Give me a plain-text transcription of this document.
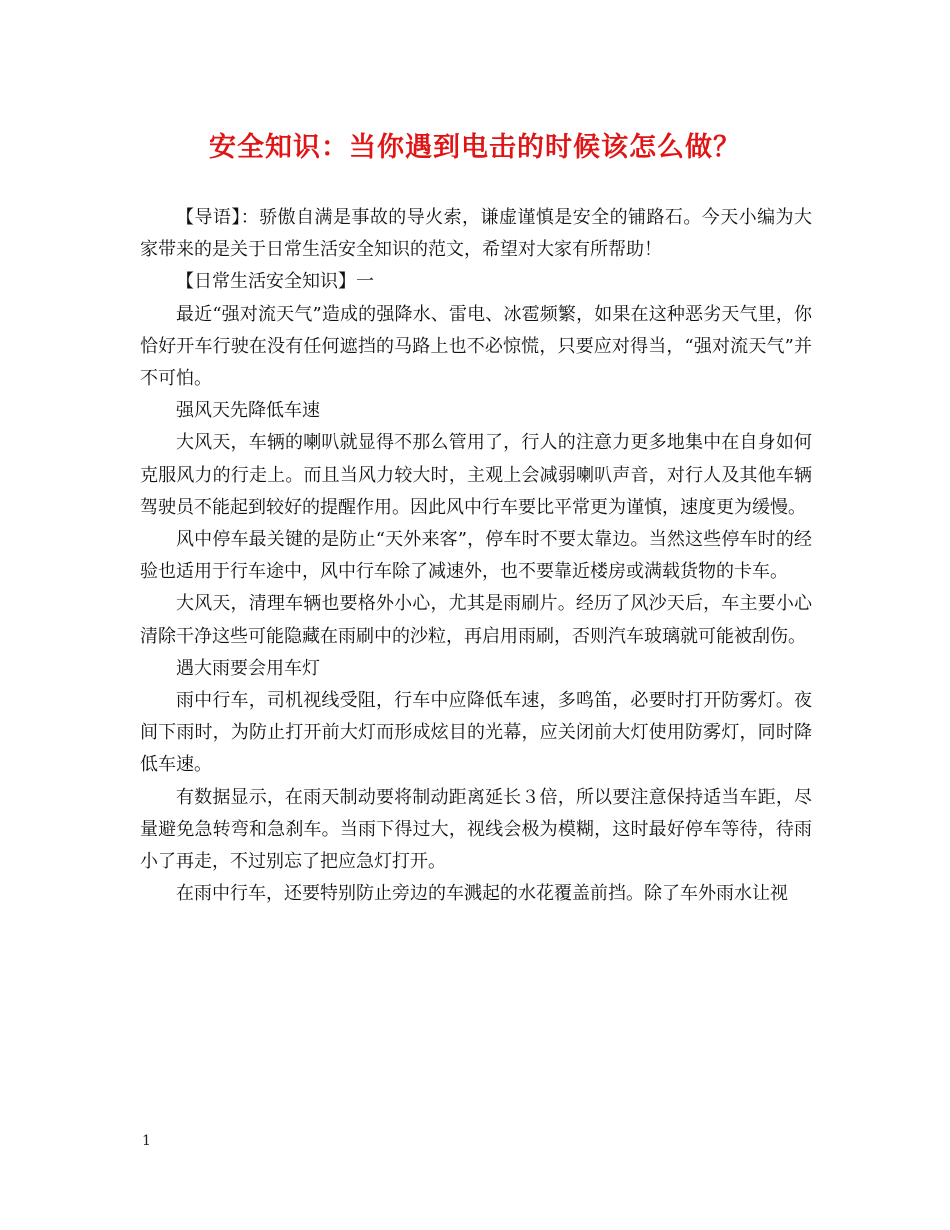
安全知识：当你遇到电击的时候该怎么做？

【导语】：骄傲自满是事故的导火索，谦虚谨慎是安全的铺路石。今天小编为大家带来的是关于日常生活安全知识的范文，希望对大家有所帮助！

【日常生活安全知识】一

最近“强对流天气”造成的强降水、雷电、冰雹频繁，如果在这种恶劣天气里，你恰好开车行驶在没有任何遮挡的马路上也不必惊慌，只要应对得当，“强对流天气”并不可怕。

强风天先降低车速

大风天，车辆的喇叭就显得不那么管用了，行人的注意力更多地集中在自身如何克服风力的行走上。而且当风力较大时，主观上会减弱喇叭声音，对行人及其他车辆驾驶员不能起到较好的提醒作用。因此风中行车要比平常更为谨慎，速度更为缓慢。

风中停车最关键的是防止“天外来客”，停车时不要太靠边。当然这些停车时的经验也适用于行车途中，风中行车除了减速外，也不要靠近楼房或满载货物的卡车。

大风天，清理车辆也要格外小心，尤其是雨刷片。经历了风沙天后，车主要小心清除干净这些可能隐藏在雨刷中的沙粒，再启用雨刷，否则汽车玻璃就可能被刮伤。

遇大雨要会用车灯

雨中行车，司机视线受阻，行车中应降低车速，多鸣笛，必要时打开防雾灯。夜间下雨时，为防止打开前大灯而形成炫目的光幕，应关闭前大灯使用防雾灯，同时降低车速。

有数据显示，在雨天制动要将制动距离延长３倍，所以要注意保持适当车距，尽量避免急转弯和急刹车。当雨下得过大，视线会极为模糊，这时最好停车等待，待雨小了再走，不过别忘了把应急灯打开。

在雨中行车，还要特别防止旁边的车溅起的水花覆盖前挡。除了车外雨水让视

1
